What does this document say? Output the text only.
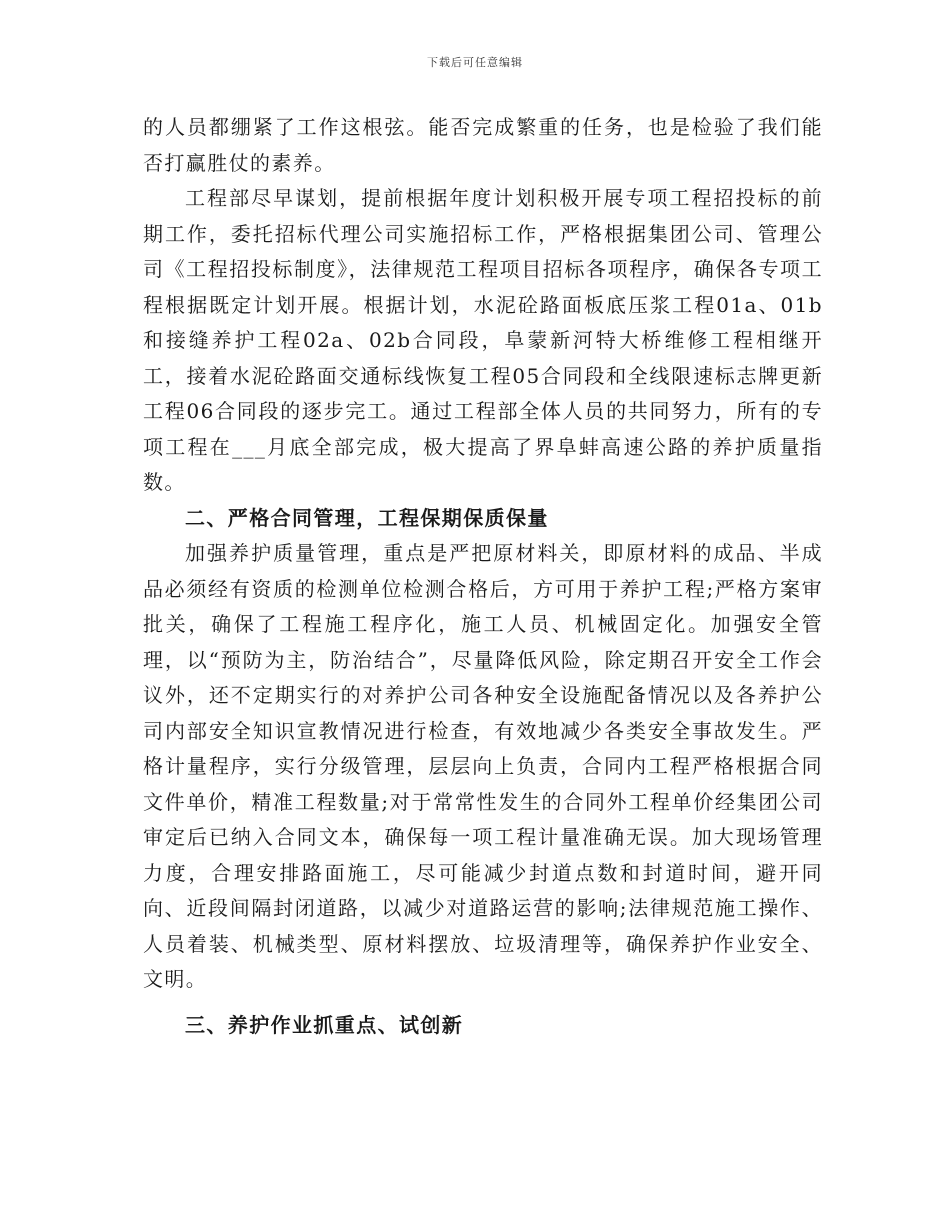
下载后可任意编辑

的人员都绷紧了工作这根弦。能否完成繁重的任务，也是检验了我们能否打赢胜仗的素养。

工程部尽早谋划，提前根据年度计划积极开展专项工程招投标的前期工作，委托招标代理公司实施招标工作，严格根据集团公司、管理公司《工程招投标制度》，法律规范工程项目招标各项程序，确保各专项工程根据既定计划开展。根据计划，水泥砼路面板底压浆工程01a、01b和接缝养护工程02a、02b合同段，阜蒙新河特大桥维修工程相继开工，接着水泥砼路面交通标线恢复工程05合同段和全线限速标志牌更新工程06合同段的逐步完工。通过工程部全体人员的共同努力，所有的专项工程在___月底全部完成，极大提高了界阜蚌高速公路的养护质量指数。

二、严格合同管理，工程保期保质保量

加强养护质量管理，重点是严把原材料关，即原材料的成品、半成品必须经有资质的检测单位检测合格后，方可用于养护工程;严格方案审批关，确保了工程施工程序化，施工人员、机械固定化。加强安全管理，以“预防为主，防治结合”，尽量降低风险，除定期召开安全工作会议外，还不定期实行的对养护公司各种安全设施配备情况以及各养护公司内部安全知识宣教情况进行检查，有效地减少各类安全事故发生。严格计量程序，实行分级管理，层层向上负责，合同内工程严格根据合同文件单价，精准工程数量;对于常常性发生的合同外工程单价经集团公司审定后已纳入合同文本，确保每一项工程计量准确无误。加大现场管理力度，合理安排路面施工，尽可能减少封道点数和封道时间，避开同向、近段间隔封闭道路，以减少对道路运营的影响;法律规范施工操作、人员着装、机械类型、原材料摆放、垃圾清理等，确保养护作业安全、文明。

三、养护作业抓重点、试创新
